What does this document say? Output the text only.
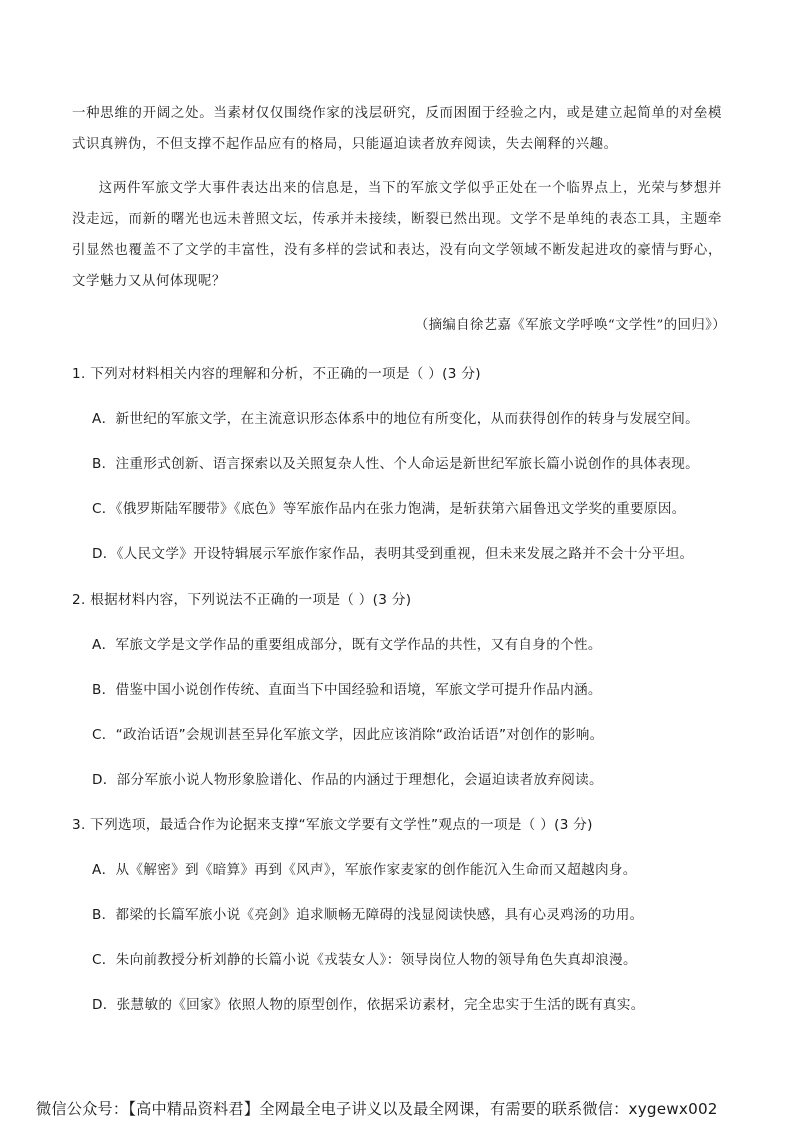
一种思维的开阔之处。当素材仅仅围绕作家的浅层研究，反而困囿于经验之内，或是建立起简单的对垒模式识真辨伪，不但支撑不起作品应有的格局，只能逼迫读者放弃阅读，失去阐释的兴趣。
这两件军旅文学大事件表达出来的信息是，当下的军旅文学似乎正处在一个临界点上，光荣与梦想并没走远，而新的曙光也远未普照文坛，传承并未接续，断裂已然出现。文学不是单纯的表态工具，主题牵引显然也覆盖不了文学的丰富性，没有多样的尝试和表达，没有向文学领域不断发起进攻的豪情与野心，文学魅力又从何体现呢？
（摘编自徐艺嘉《军旅文学呼唤“文学性”的回归》）
1. 下列对材料相关内容的理解和分析，不正确的一项是（ ）(3 分)
A．新世纪的军旅文学，在主流意识形态体系中的地位有所变化，从而获得创作的转身与发展空间。
B．注重形式创新、语言探索以及关照复杂人性、个人命运是新世纪军旅长篇小说创作的具体表现。
C．《俄罗斯陆军腰带》《底色》等军旅作品内在张力饱满，是斩获第六届鲁迅文学奖的重要原因。
D．《人民文学》开设特辑展示军旅作家作品，表明其受到重视，但未来发展之路并不会十分平坦。
2. 根据材料内容，下列说法不正确的一项是（ ）(3 分)
A．军旅文学是文学作品的重要组成部分，既有文学作品的共性，又有自身的个性。
B．借鉴中国小说创作传统、直面当下中国经验和语境，军旅文学可提升作品内涵。
C．“政治话语”会规训甚至异化军旅文学，因此应该消除“政治话语”对创作的影响。
D．部分军旅小说人物形象脸谱化、作品的内涵过于理想化，会逼迫读者放弃阅读。
3. 下列选项，最适合作为论据来支撑“军旅文学要有文学性”观点的一项是（ ）(3 分)
A．从《解密》到《暗算》再到《风声》，军旅作家麦家的创作能沉入生命而又超越肉身。
B．都梁的长篇军旅小说《亮剑》追求顺畅无障碍的浅显阅读快感，具有心灵鸡汤的功用。
C．朱向前教授分析刘静的长篇小说《戎装女人》：领导岗位人物的领导角色失真却浪漫。
D．张慧敏的《回家》依照人物的原型创作，依据采访素材，完全忠实于生活的既有真实。
微信公众号：【高中精品资料君】全网最全电子讲义以及最全网课，有需要的联系微信：xygewx002
